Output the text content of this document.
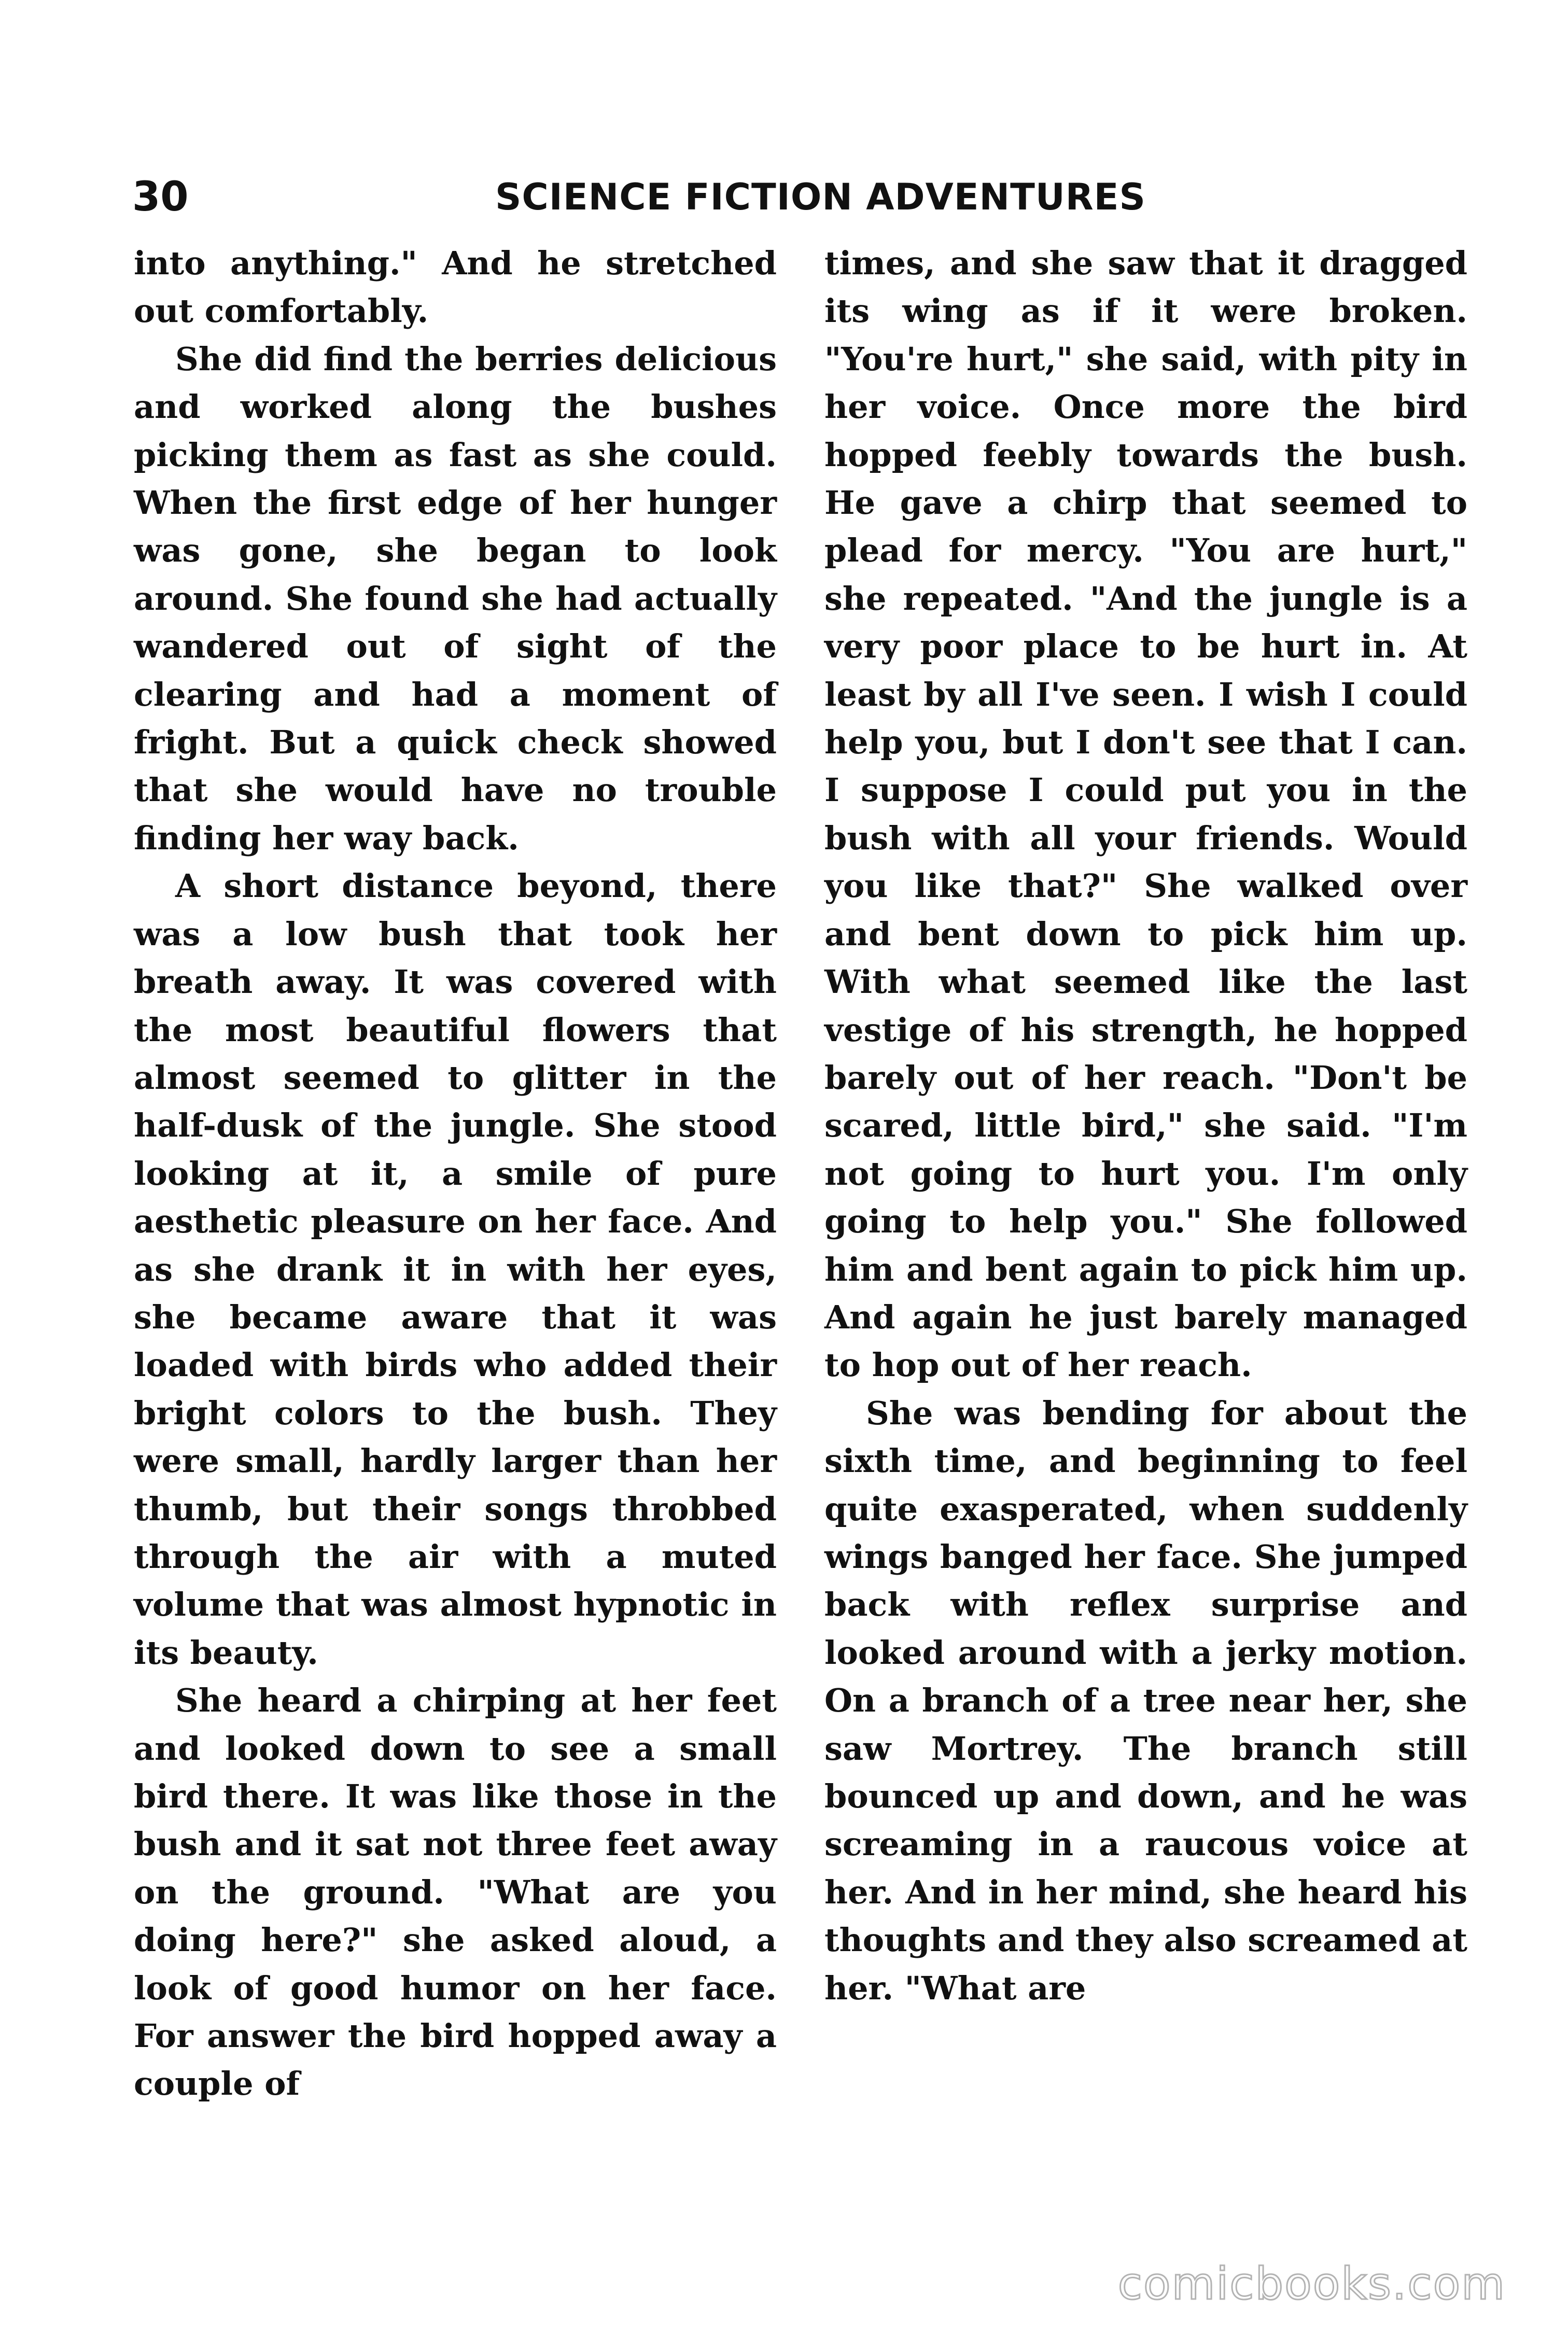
30	SCIENCE FICTION ADVENTURES

into anything." And he stretched out comfortably.

She did find the berries delicious and worked along the bushes picking them as fast as she could. When the first edge of her hunger was gone, she began to look around. She found she had actually wandered out of sight of the clearing and had a moment of fright. But a quick check showed that she would have no trouble finding her way back.

A short distance beyond, there was a low bush that took her breath away. It was covered with the most beautiful flowers that almost seemed to glitter in the half-dusk of the jungle. She stood looking at it, a smile of pure aesthetic pleasure on her face. And as she drank it in with her eyes, she became aware that it was loaded with birds who added their bright colors to the bush. They were small, hardly larger than her thumb, but their songs throbbed through the air with a muted volume that was almost hypnotic in its beauty.

She heard a chirping at her feet and looked down to see a small bird there. It was like those in the bush and it sat not three feet away on the ground. "What are you doing here?" she asked aloud, a look of good humor on her face. For answer the bird hopped away a couple of

times, and she saw that it dragged its wing as if it were broken. "You're hurt," she said, with pity in her voice. Once more the bird hopped feebly towards the bush. He gave a chirp that seemed to plead for mercy. "You are hurt," she repeated. "And the jungle is a very poor place to be hurt in. At least by all I've seen. I wish I could help you, but I don't see that I can. I suppose I could put you in the bush with all your friends. Would you like that?" She walked over and bent down to pick him up. With what seemed like the last vestige of his strength, he hopped barely out of her reach. "Don't be scared, little bird," she said. "I'm not going to hurt you. I'm only going to help you." She followed him and bent again to pick him up. And again he just barely managed to hop out of her reach.

She was bending for about the sixth time, and beginning to feel quite exasperated, when suddenly wings banged her face. She jumped back with reflex surprise and looked around with a jerky motion. On a branch of a tree near her, she saw Mortrey. The branch still bounced up and down, and he was screaming in a raucous voice at her. And in her mind, she heard his thoughts and they also screamed at her. "What are

comicbooks.com
